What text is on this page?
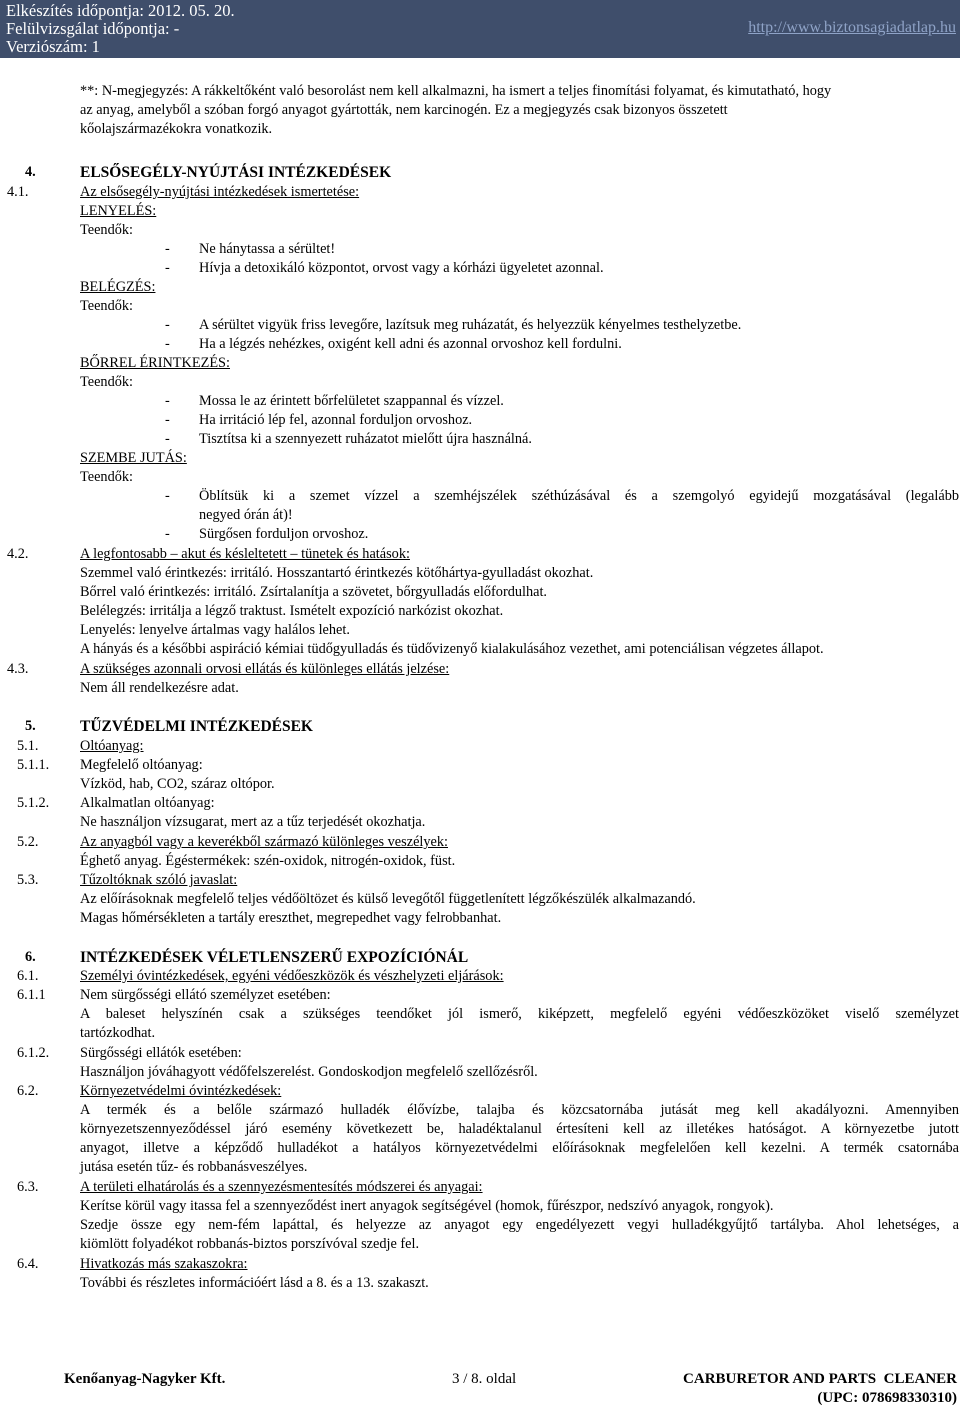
Elkészítés időpontja: 2012. 05. 20.
Felülvizsgálat időpontja: -
Verziószám: 1
http://www.biztonsagiadatlap.hu
**: N-megjegyzés: A rákkeltőként való besorolást nem kell alkalmazni, ha ismert a teljes finomítási folyamat, és kimutatható, hogy
az anyag, amelyből a szóban forgó anyagot gyártották, nem karcinogén. Ez a megjegyzés csak bizonyos összetett
kőolajszármazékokra vonatkozik.
4.	ELSŐSEGÉLY-NYÚJTÁSI INTÉZKEDÉSEK
4.1.	Az elsősegély-nyújtási intézkedések ismertetése:
LENYELÉS:
Teendők:
- Ne hánytassa a sérültet!
- Hívja a detoxikáló központot, orvost vagy a kórházi ügyeletet azonnal.
BELÉGZÉS:
Teendők:
- A sérültet vigyük friss levegőre, lazítsuk meg ruházatát, és helyezzük kényelmes testhelyzetbe.
- Ha a légzés nehézkes, oxigént kell adni és azonnal orvoshoz kell fordulni.
BŐRREL ÉRINTKEZÉS:
Teendők:
- Mossa le az érintett bőrfelületet szappannal és vízzel.
- Ha irritáció lép fel, azonnal forduljon orvoshoz.
- Tisztítsa ki a szennyezett ruházatot mielőtt újra használná.
SZEMBE JUTÁS:
Teendők:
-	Öblítsük ki a szemet vízzel a szemhéjszélek széthúzásával és a szemgolyó egyidejű mozgatásával (legalább
negyed órán át)!
- Sürgősen forduljon orvoshoz.
4.2.	A legfontosabb – akut és késleltetett – tünetek és hatások:
Szemmel való érintkezés: irritáló. Hosszantartó érintkezés kötőhártya-gyulladást okozhat.
Bőrrel való érintkezés: irritáló. Zsírtalanítja a szövetet, bőrgyulladás előfordulhat.
Belélegzés: irritálja a légző traktust. Ismételt expozíció narkózist okozhat.
Lenyelés: lenyelve ártalmas vagy halálos lehet.
A hányás és a későbbi aspiráció kémiai tüdőgyulladás és tüdővizenyő kialakulásához vezethet, ami potenciálisan végzetes állapot.
4.3.	A szükséges azonnali orvosi ellátás és különleges ellátás jelzése:
Nem áll rendelkezésre adat.
5.	TŰZVÉDELMI INTÉZKEDÉSEK
5.1.	Oltóanyag:
5.1.1. Megfelelő oltóanyag:
Vízköd, hab, CO2, száraz oltópor.
5.1.2. Alkalmatlan oltóanyag:
Ne használjon vízsugarat, mert az a tűz terjedését okozhatja.
5.2.	Az anyagból vagy a keverékből származó különleges veszélyek:
Éghető anyag. Égéstermékek: szén-oxidok, nitrogén-oxidok, füst.
5.3.	Tűzoltóknak szóló javaslat:
Az előírásoknak megfelelő teljes védőöltözet és külső levegőtől függetlenített légzőkészülék alkalmazandó.
Magas hőmérsékleten a tartály ereszthet, megrepedhet vagy felrobbanhat.
6.	INTÉZKEDÉSEK VÉLETLENSZERŰ EXPOZÍCIÓNÁL
6.1.	Személyi óvintézkedések, egyéni védőeszközök és vészhelyzeti eljárások:
6.1.1 Nem sürgősségi ellátó személyzet esetében:
A baleset helyszínén csak a szükséges teendőket jól ismerő, kiképzett, megfelelő egyéni védőeszközöket viselő személyzet
tartózkodhat.
6.1.2. Sürgősségi ellátók esetében:
Használjon jóváhagyott védőfelszerelést. Gondoskodjon megfelelő szellőzésről.
6.2.	Környezetvédelmi óvintézkedések:
A termék és a belőle származó hulladék élővízbe, talajba és közcsatornába jutását meg kell akadályozni. Amennyiben
környezetszennyeződéssel járó esemény következett be, haladéktalanul értesíteni kell az illetékes hatóságot. A környezetbe jutott
anyagot, illetve a képződő hulladékot a hatályos környezetvédelmi előírásoknak megfelelően kell kezelni. A termék csatornába
jutása esetén tűz- és robbanásveszélyes.
6.3.	A területi elhatárolás és a szennyezésmentesítés módszerei és anyagai:
Kerítse körül vagy itassa fel a szennyeződést inert anyagok segítségével (homok, fűrészpor, nedszívó anyagok, rongyok).
Szedje össze egy nem-fém lapáttal, és helyezze az anyagot egy engedélyezett vegyi hulladékgyűjtő tartályba. Ahol lehetséges, a
kiömlött folyadékot robbanás-biztos porszívóval szedje fel.
6.4.	Hivatkozás más szakaszokra:
További és részletes információért lásd a 8. és a 13. szakaszt.
Kenőanyag-Nagyker Kft.	3 / 8. oldal	CARBURETOR AND PARTS  CLEANER
(UPC: 078698330310)
